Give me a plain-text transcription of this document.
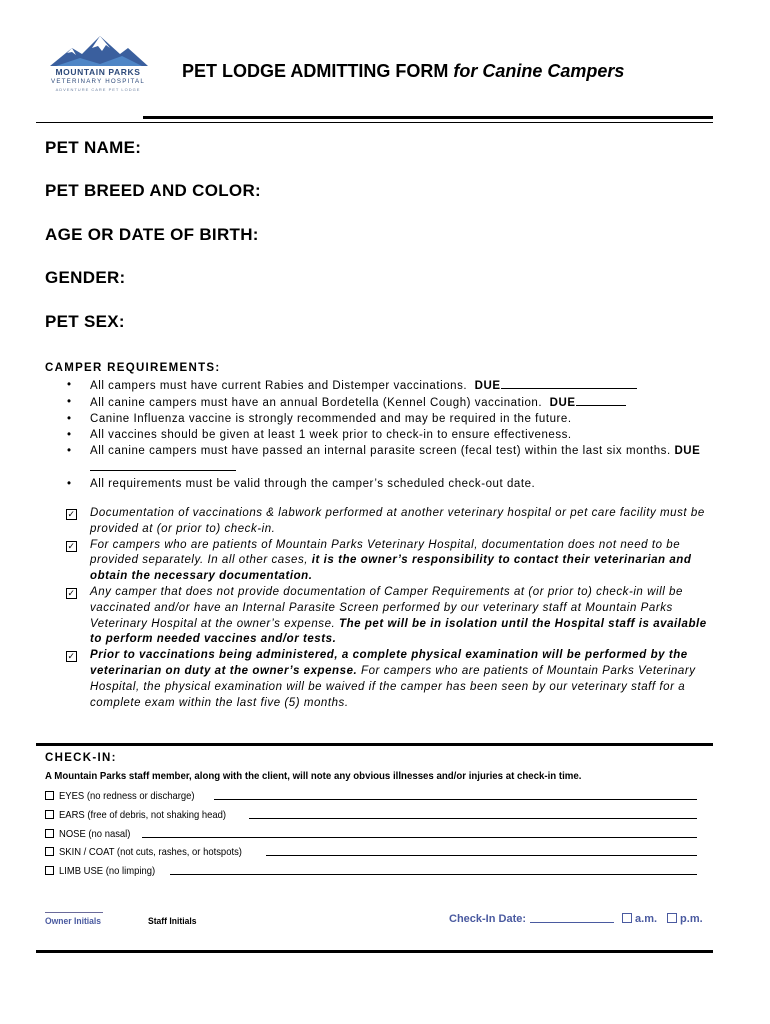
MOUNTAIN PARKS
VETERINARY HOSPITAL
ADVENTURE CARE PET LODGE
PET LODGE ADMITTING FORM for Canine Campers
PET NAME:
PET BREED AND COLOR:
AGE OR DATE OF BIRTH:
GENDER:
PET SEX:
CAMPER REQUIREMENTS:
• All campers must have current Rabies and Distemper vaccinations. DUE
• All canine campers must have an annual Bordetella (Kennel Cough) vaccination. DUE
• Canine Influenza vaccine is strongly recommended and may be required in the future.
• All vaccines should be given at least 1 week prior to check-in to ensure effectiveness.
• All canine campers must have passed an internal parasite screen (fecal test) within the last six months. DUE
• All requirements must be valid through the camper’s scheduled check-out date.
✓ Documentation of vaccinations & labwork performed at another veterinary hospital or pet care facility must be provided at (or prior to) check-in.
✓ For campers who are patients of Mountain Parks Veterinary Hospital, documentation does not need to be provided separately. In all other cases, it is the owner’s responsibility to contact their veterinarian and obtain the necessary documentation.
✓ Any camper that does not provide documentation of Camper Requirements at (or prior to) check-in will be vaccinated and/or have an Internal Parasite Screen performed by our veterinary staff at Mountain Parks Veterinary Hospital at the owner’s expense. The pet will be in isolation until the Hospital staff is available to perform needed vaccines and/or tests.
✓ Prior to vaccinations being administered, a complete physical examination will be performed by the veterinarian on duty at the owner’s expense. For campers who are patients of Mountain Parks Veterinary Hospital, the physical examination will be waived if the camper has been seen by our veterinary staff for a complete exam within the last five (5) months.
CHECK-IN:
A Mountain Parks staff member, along with the client, will note any obvious illnesses and/or injuries at check-in time.
EYES (no redness or discharge)
EARS (free of debris, not shaking head)
NOSE (no nasal)
SKIN / COAT (not cuts, rashes, or hotspots)
LIMB USE (no limping)
Owner Initials	Staff Initials	Check-In Date:	a.m. p.m.
